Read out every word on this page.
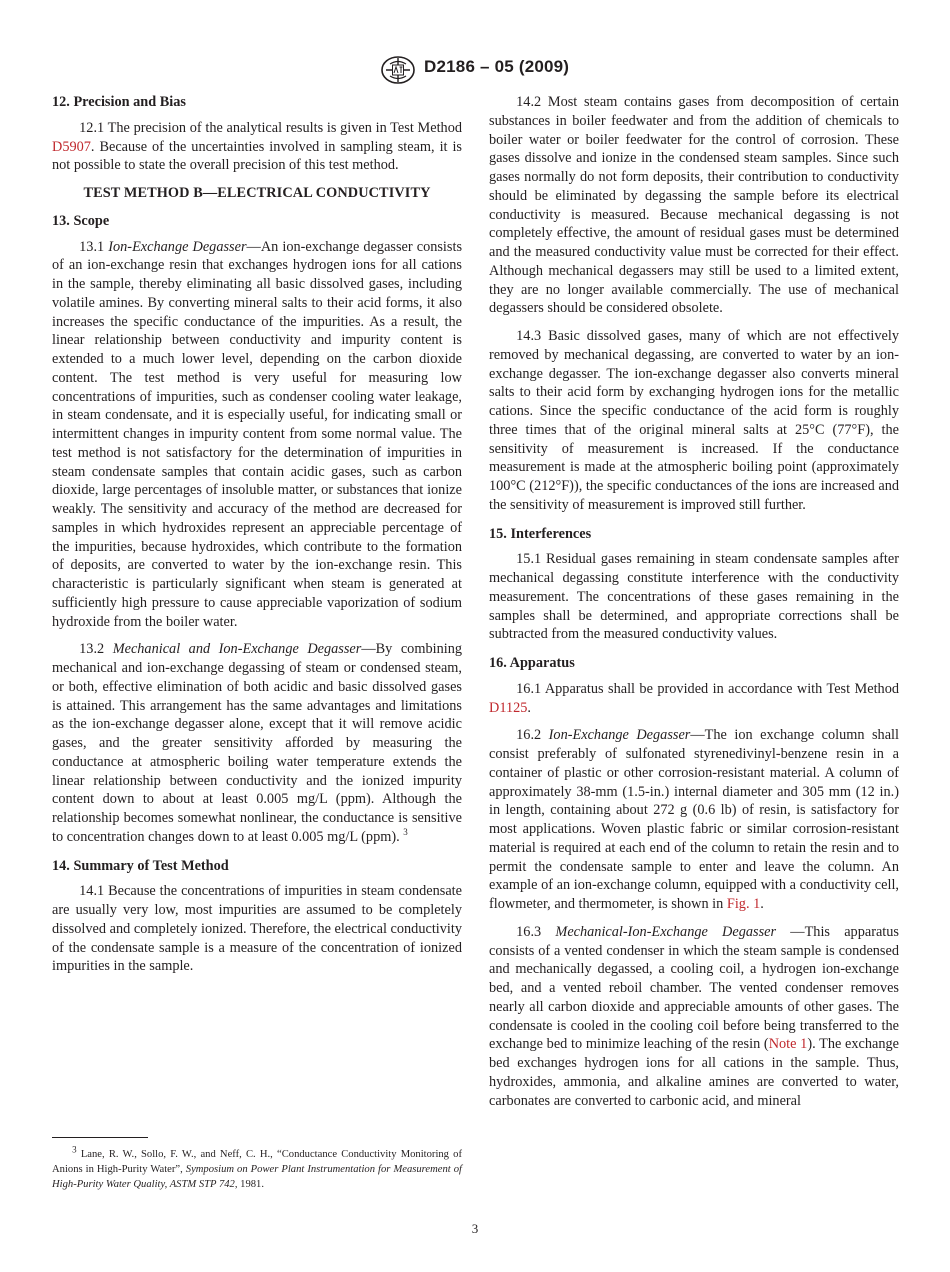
D2186 – 05 (2009)
12. Precision and Bias

12.1 The precision of the analytical results is given in Test Method D5907. Because of the uncertainties involved in sampling steam, it is not possible to state the overall precision of this test method.

TEST METHOD B—ELECTRICAL CONDUCTIVITY
13. Scope

13.1 Ion-Exchange Degasser—An ion-exchange degasser consists of an ion-exchange resin that exchanges hydrogen ions for all cations in the sample, thereby eliminating all basic dissolved gases, including volatile amines. By converting mineral salts to their acid forms, it also increases the specific conductance of the impurities. As a result, the linear relationship between conductivity and impurity content is extended to a much lower level, depending on the carbon dioxide content. The test method is very useful for measuring low concentrations of impurities, such as condenser cooling water leakage, in steam condensate, and it is especially useful, for indicating small or intermittent changes in impurity content from some normal value. The test method is not satisfactory for the determination of impurities in steam condensate samples that contain acidic gases, such as carbon dioxide, large percentages of insoluble matter, or substances that ionize weakly. The sensitivity and accuracy of the method are decreased for samples in which hydroxides represent an appreciable percentage of the impurities, because hydroxides, which contribute to the formation of deposits, are converted to water by the ion-exchange resin. This characteristic is particularly significant when steam is generated at sufficiently high pressure to cause appreciable vaporization of sodium hydroxide from the boiler water.

13.2 Mechanical and Ion-Exchange Degasser—By combining mechanical and ion-exchange degassing of steam or condensed steam, or both, effective elimination of both acidic and basic dissolved gases is attained. This arrangement has the same advantages and limitations as the ion-exchange degasser alone, except that it will remove acidic gases, and the greater sensitivity afforded by measuring the conductance at atmospheric boiling water temperature extends the linear relationship between conductivity and the ionized impurity content down to about at least 0.005 mg/L (ppm). Although the relationship becomes somewhat nonlinear, the conductance is sensitive to concentration changes down to at least 0.005 mg/L (ppm). $^3$

14. Summary of Test Method

14.1 Because the concentrations of impurities in steam condensate are usually very low, most impurities are assumed to be completely dissolved and completely ionized. Therefore, the electrical conductivity of the condensate sample is a measure of the concentration of ionized impurities in the sample.

$^3$ Lane, R. W., Sollo, F. W., and Neff, C. H., “Conductance Conductivity Monitoring of Anions in High-Purity Water”, Symposium on Power Plant Instrumentation for Measurement of High-Purity Water Quality, ASTM STP 742, 1981.

14.2 Most steam contains gases from decomposition of certain substances in boiler feedwater and from the addition of chemicals to boiler water or boiler feedwater for the control of corrosion. These gases dissolve and ionize in the condensed steam samples. Since such gases normally do not form deposits, their contribution to conductivity should be eliminated by degassing the sample before its electrical conductivity is measured. Because mechanical degassing is not completely effective, the amount of residual gases must be determined and the measured conductivity value must be corrected for their effect. Although mechanical degassers may still be used to a limited extent, they are no longer available commercially. The use of mechanical degassers should be considered obsolete.

14.3 Basic dissolved gases, many of which are not effectively removed by mechanical degassing, are converted to water by an ion-exchange degasser. The ion-exchange degasser also converts mineral salts to their acid form by exchanging hydrogen ions for the metallic cations. Since the specific conductance of the acid form is roughly three times that of the original mineral salts at 25°C (77°F), the sensitivity of measurement is increased. If the conductance measurement is made at the atmospheric boiling point (approximately 100°C (212°F)), the specific conductances of the ions are increased and the sensitivity of measurement is improved still further.

15. Interferences

15.1 Residual gases remaining in steam condensate samples after mechanical degassing constitute interference with the conductivity measurement. The concentrations of these gases remaining in the samples shall be determined, and appropriate corrections shall be subtracted from the measured conductivity values.

16. Apparatus

16.1 Apparatus shall be provided in accordance with Test Method D1125.

16.2 Ion-Exchange Degasser—The ion exchange column shall consist preferably of sulfonated styrenedivinyl-benzene resin in a container of plastic or other corrosion-resistant material. A column of approximately 38-mm (1.5-in.) internal diameter and 305 mm (12 in.) in length, containing about 272 g (0.6 lb) of resin, is satisfactory for most applications. Woven plastic fabric or similar corrosion-resistant material is required at each end of the column to retain the resin and to permit the condensate sample to enter and leave the column. An example of an ion-exchange column, equipped with a conductivity cell, flowmeter, and thermometer, is shown in Fig. 1.

16.3 Mechanical-Ion-Exchange Degasser —This apparatus consists of a vented condenser in which the steam sample is condensed and mechanically degassed, a cooling coil, a hydrogen ion-exchange bed, and a vented reboil chamber. The vented condenser removes nearly all carbon dioxide and appreciable amounts of other gases. The condensate is cooled in the cooling coil before being transferred to the exchange bed to minimize leaching of the resin (Note 1). The exchange bed exchanges hydrogen ions for all cations in the sample. Thus, hydroxides, ammonia, and alkaline amines are converted to water, carbonates are converted to carbonic acid, and mineral

3
